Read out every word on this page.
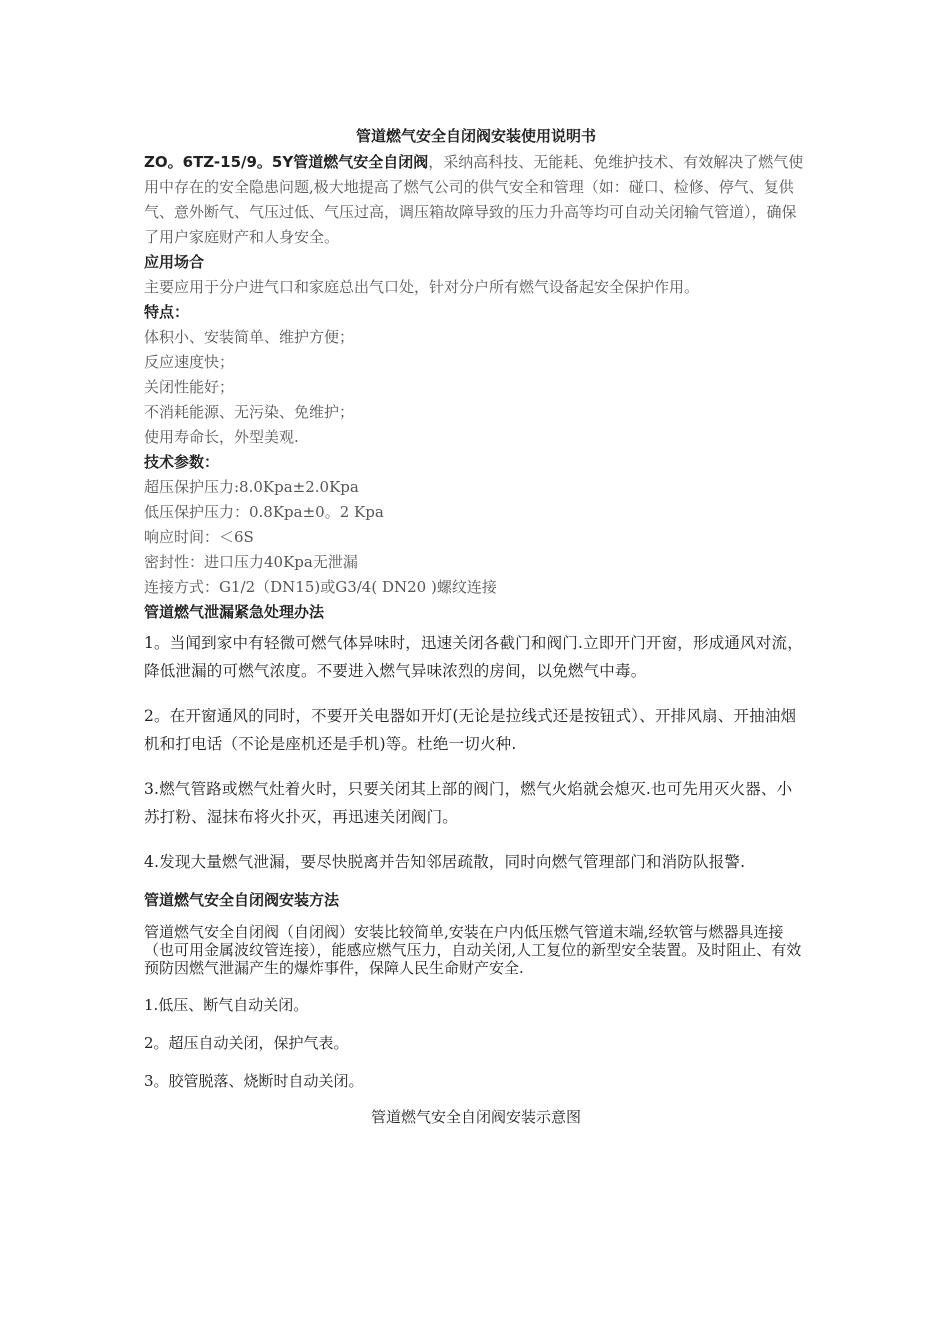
管道燃气安全自闭阀安装使用说明书

ZO。6TZ-15/9。5Y管道燃气安全自闭阀，采纳高科技、无能耗、免维护技术、有效解决了燃气使用中存在的安全隐患问题,极大地提高了燃气公司的供气安全和管理（如：碰口、检修、停气、复供气、意外断气、气压过低、气压过高，调压箱故障导致的压力升高等均可自动关闭输气管道），确保了用户家庭财产和人身安全。

应用场合

主要应用于分户进气口和家庭总出气口处，针对分户所有燃气设备起安全保护作用。

特点：

体积小、安装简单、维护方便；

反应速度快；

关闭性能好；

不消耗能源、无污染、免维护；

使用寿命长，外型美观.

技术参数：

超压保护压力:8.0Kpa±2.0Kpa

低压保护压力：0.8Kpa±0。2 Kpa

响应时间：＜6S

密封性：进口压力40Kpa无泄漏

连接方式：G1/2（DN15)或G3/4( DN20 )螺纹连接

管道燃气泄漏紧急处理办法

1。当闻到家中有轻微可燃气体异味时，迅速关闭各截门和阀门.立即开门开窗，形成通风对流，降低泄漏的可燃气浓度。不要进入燃气异味浓烈的房间，以免燃气中毒。

2。在开窗通风的同时，不要开关电器如开灯(无论是拉线式还是按钮式）、开排风扇、开抽油烟机和打电话（不论是座机还是手机)等。杜绝一切火种.

3.燃气管路或燃气灶着火时，只要关闭其上部的阀门，燃气火焰就会熄灭.也可先用灭火器、小苏打粉、湿抹布将火扑灭，再迅速关闭阀门。

4.发现大量燃气泄漏，要尽快脱离并告知邻居疏散，同时向燃气管理部门和消防队报警.

管道燃气安全自闭阀安装方法

管道燃气安全自闭阀（自闭阀）安装比较简单,安装在户内低压燃气管道末端,经软管与燃器具连接（也可用金属波纹管连接），能感应燃气压力，自动关闭,人工复位的新型安全装置。及时阻止、有效预防因燃气泄漏产生的爆炸事件，保障人民生命财产安全.

1.低压、断气自动关闭。

2。超压自动关闭，保护气表。

3。胶管脱落、烧断时自动关闭。

管道燃气安全自闭阀安装示意图
